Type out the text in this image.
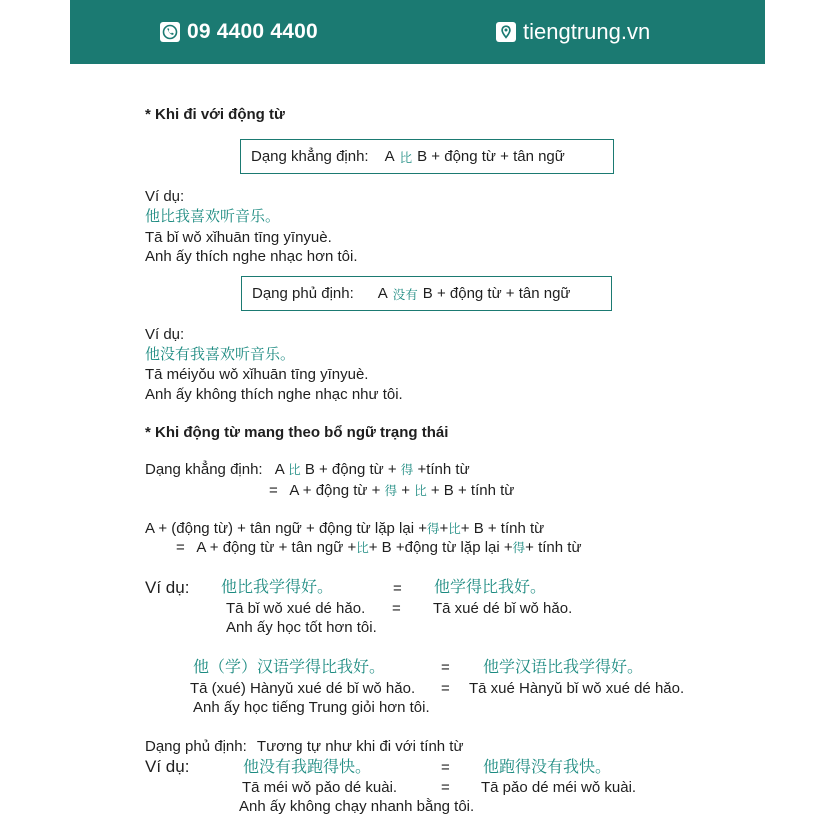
09 4400 4400	tiengtrung.vn
* Khi đi với động từ
Dạng khẳng định: A 比 B + động từ + tân ngữ
Ví dụ:
他比我喜欢听音乐。
Tā bǐ wǒ xǐhuān tīng yīnyuè.
Anh ấy thích nghe nhạc hơn tôi.
Dạng phủ định: A 没有 B + động từ + tân ngữ
Ví dụ:
他没有我喜欢听音乐。
Tā méiyǒu wǒ xǐhuān tīng yīnyuè.
Anh ấy không thích nghe nhạc như tôi.
* Khi động từ mang theo bổ ngữ trạng thái
Dạng khẳng định: A 比 B + động từ + 得 +tính từ
=   A + động từ + 得 + 比 + B + tính từ
A + (động từ) + tân ngữ + động từ lặp lại +得+比+ B + tính từ
=   A + động từ + tân ngữ +比+ B +động từ lặp lại +得+ tính từ
Ví dụ: 他比我学得好。	= 他学得比我好。
Tā bǐ wǒ xué dé hǎo. = Tā xué dé bǐ wǒ hǎo.
Anh ấy học tốt hơn tôi.
他（学）汉语学得比我好。	= 他学汉语比我学得好。
Tā (xué) Hànyǔ xué dé bǐ wǒ hǎo. = Tā xué Hànyǔ bǐ wǒ xué dé hǎo.
Anh ấy học tiếng Trung giỏi hơn tôi.
Dạng phủ định: Tương tự như khi đi với tính từ
Ví dụ:	他没有我跑得快。	= 他跑得没有我快。
Tā méi wǒ pǎo dé kuài.	= Tā pǎo dé méi wǒ kuài.
Anh ấy không chạy nhanh bằng tôi.
